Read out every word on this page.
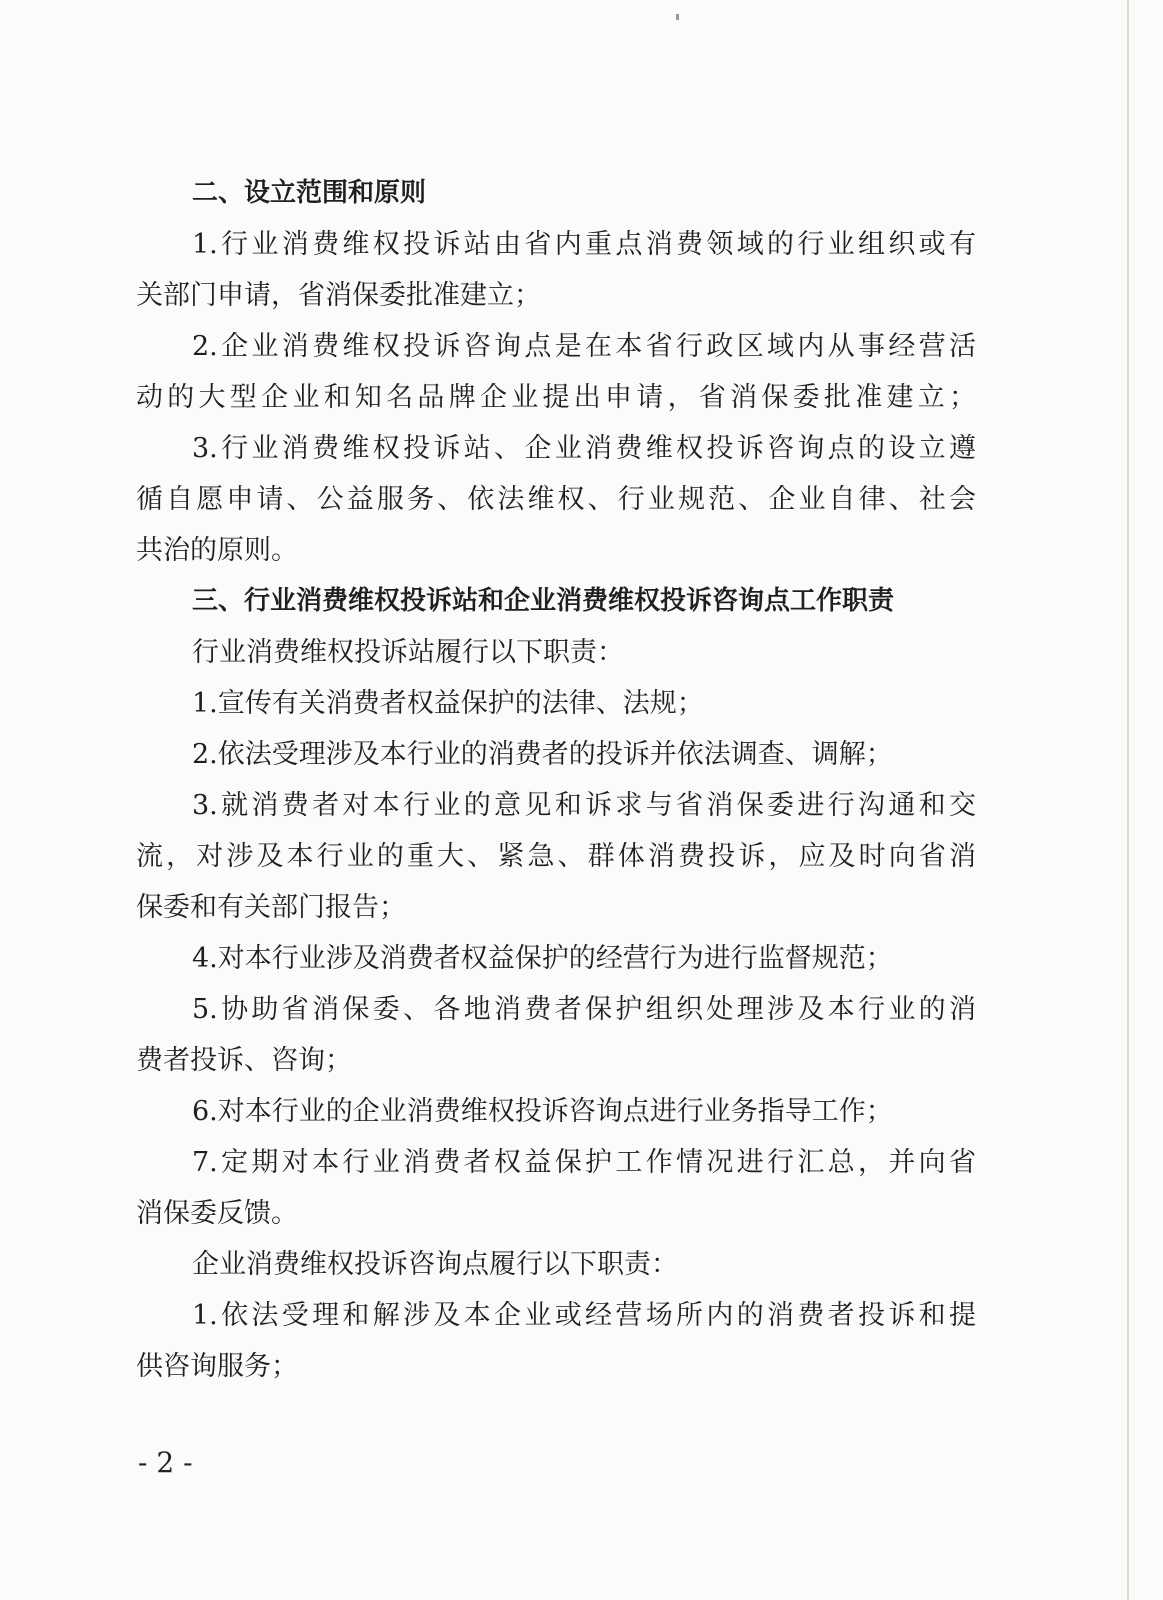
二、设立范围和原则
1.行业消费维权投诉站由省内重点消费领域的行业组织或有
关部门申请，省消保委批准建立；
2.企业消费维权投诉咨询点是在本省行政区域内从事经营活
动的大型企业和知名品牌企业提出申请，省消保委批准建立；
3.行业消费维权投诉站、企业消费维权投诉咨询点的设立遵
循自愿申请、公益服务、依法维权、行业规范、企业自律、社会
共治的原则。
三、行业消费维权投诉站和企业消费维权投诉咨询点工作职责
行业消费维权投诉站履行以下职责：
1.宣传有关消费者权益保护的法律、法规；
2.依法受理涉及本行业的消费者的投诉并依法调查、调解；
3.就消费者对本行业的意见和诉求与省消保委进行沟通和交
流，对涉及本行业的重大、紧急、群体消费投诉，应及时向省消
保委和有关部门报告；
4.对本行业涉及消费者权益保护的经营行为进行监督规范；
5.协助省消保委、各地消费者保护组织处理涉及本行业的消
费者投诉、咨询；
6.对本行业的企业消费维权投诉咨询点进行业务指导工作；
7.定期对本行业消费者权益保护工作情况进行汇总，并向省
消保委反馈。
企业消费维权投诉咨询点履行以下职责：
1.依法受理和解涉及本企业或经营场所内的消费者投诉和提
供咨询服务；
- 2 -
